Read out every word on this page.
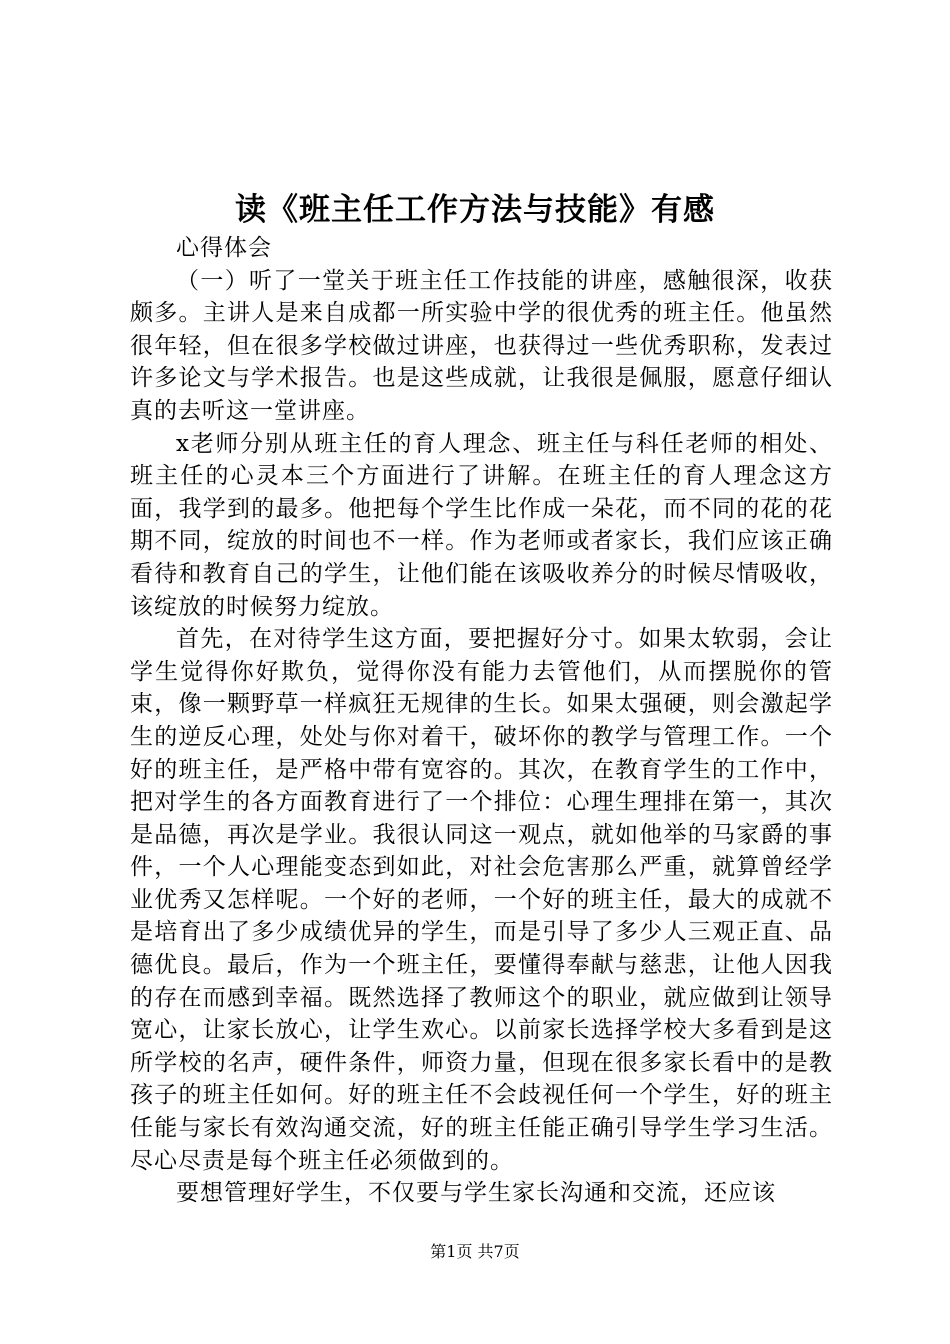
读《班主任工作方法与技能》有感

心得体会

（一）听了一堂关于班主任工作技能的讲座，感触很深，收获颇多。主讲人是来自成都一所实验中学的很优秀的班主任。他虽然很年轻，但在很多学校做过讲座，也获得过一些优秀职称，发表过许多论文与学术报告。也是这些成就，让我很是佩服，愿意仔细认真的去听这一堂讲座。

x老师分别从班主任的育人理念、班主任与科任老师的相处、班主任的心灵本三个方面进行了讲解。在班主任的育人理念这方面，我学到的最多。他把每个学生比作成一朵花，而不同的花的花期不同，绽放的时间也不一样。作为老师或者家长，我们应该正确看待和教育自己的学生，让他们能在该吸收养分的时候尽情吸收，该绽放的时候努力绽放。

首先，在对待学生这方面，要把握好分寸。如果太软弱，会让学生觉得你好欺负，觉得你没有能力去管他们，从而摆脱你的管束，像一颗野草一样疯狂无规律的生长。如果太强硬，则会激起学生的逆反心理，处处与你对着干，破坏你的教学与管理工作。一个好的班主任，是严格中带有宽容的。其次，在教育学生的工作中，把对学生的各方面教育进行了一个排位：心理生理排在第一，其次是品德，再次是学业。我很认同这一观点，就如他举的马家爵的事件，一个人心理能变态到如此，对社会危害那么严重，就算曾经学业优秀又怎样呢。一个好的老师，一个好的班主任，最大的成就不是培育出了多少成绩优异的学生，而是引导了多少人三观正直、品德优良。最后，作为一个班主任，要懂得奉献与慈悲，让他人因我的存在而感到幸福。既然选择了教师这个的职业，就应做到让领导宽心，让家长放心，让学生欢心。以前家长选择学校大多看到是这所学校的名声，硬件条件，师资力量，但现在很多家长看中的是教孩子的班主任如何。好的班主任不会歧视任何一个学生，好的班主任能与家长有效沟通交流，好的班主任能正确引导学生学习生活。尽心尽责是每个班主任必须做到的。

要想管理好学生，不仅要与学生家长沟通和交流，还应该

第1页 共7页
